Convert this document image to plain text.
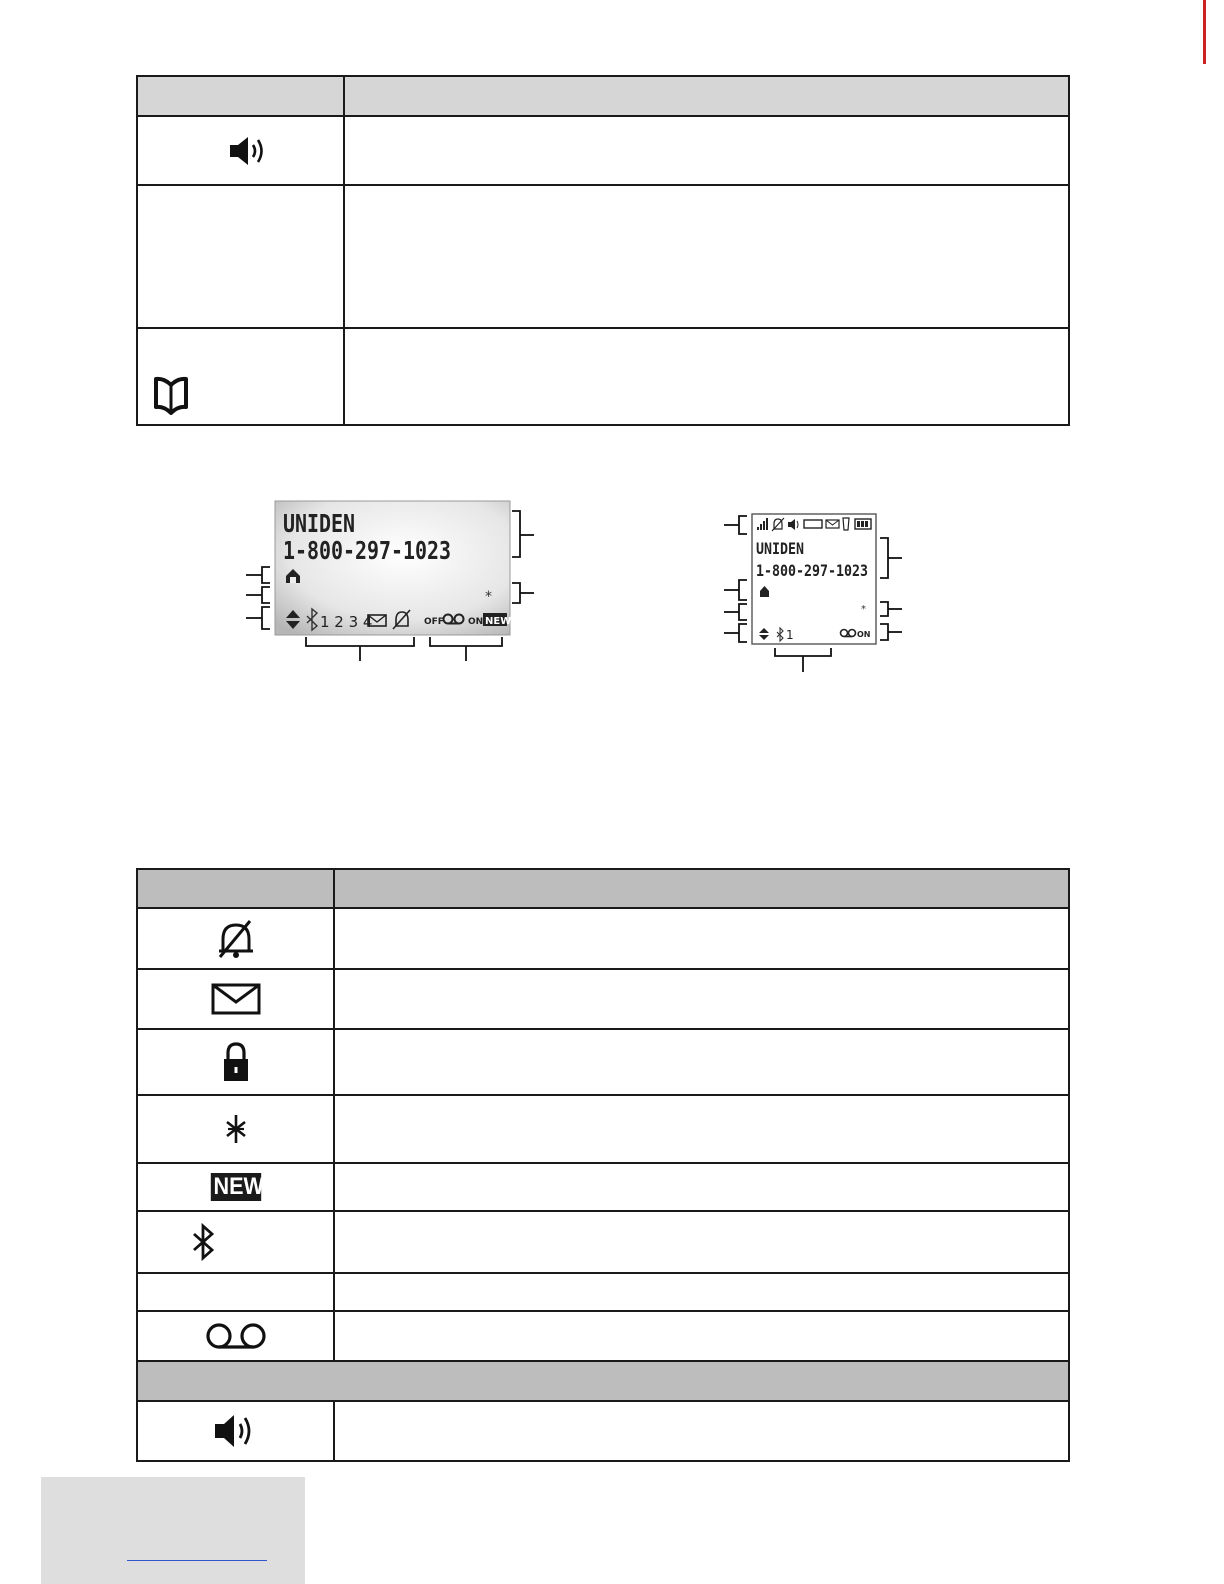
UNIDEN
1-800-297-1023
*
1 2 3 4	OFF	ON NEW
UNIDEN
1-800-297-1023
*
1	ON

NEW	
